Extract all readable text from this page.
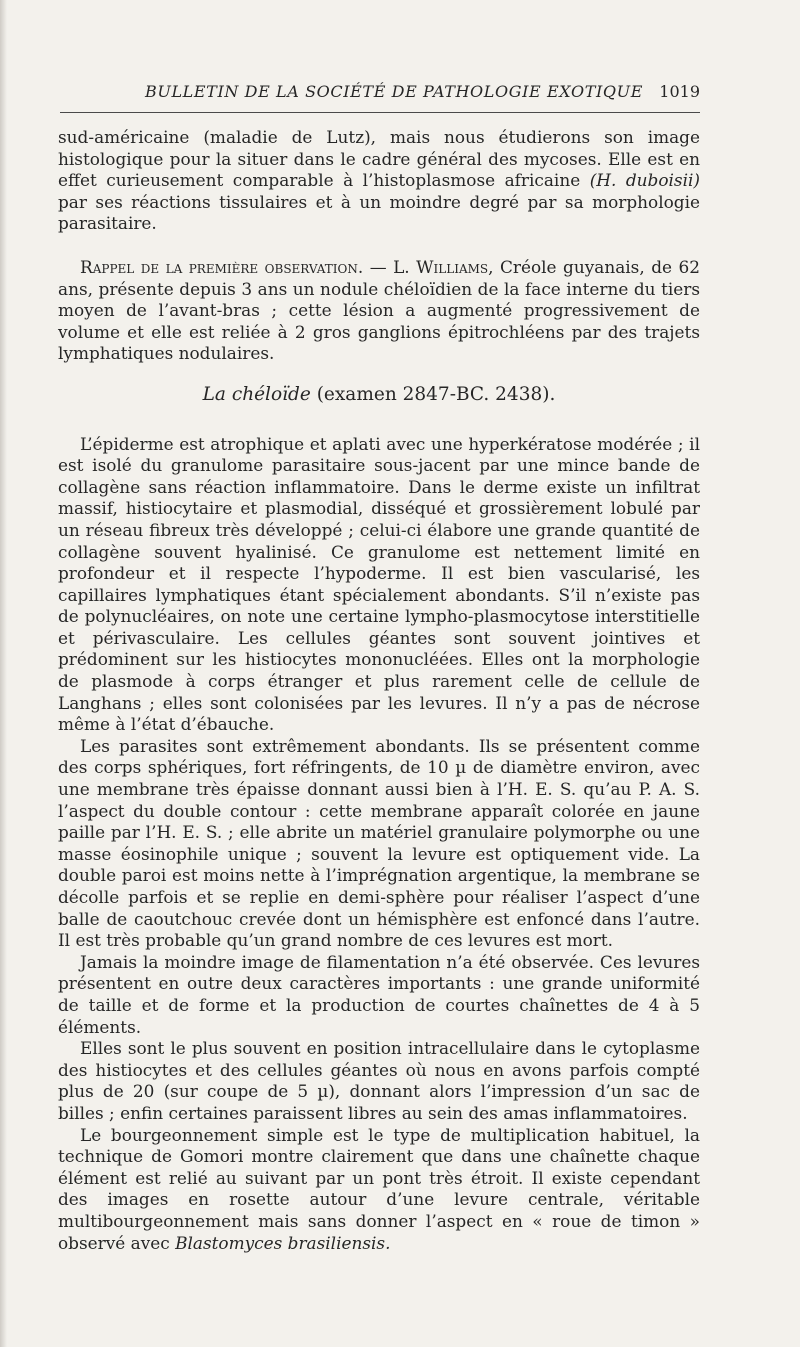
BULLETIN DE LA SOCIÉTÉ DE PATHOLOGIE EXOTIQUE 1019

sud-américaine (maladie de Lutz), mais nous étudierons son image histologique pour la situer dans le cadre général des mycoses. Elle est en effet curieusement comparable à l’histoplasmose africaine (H. duboisii) par ses réactions tissulaires et à un moindre degré par sa morphologie parasitaire.

Rappel de la première observation. — L. Williams, Créole guyanais, de 62 ans, présente depuis 3 ans un nodule chéloïdien de la face interne du tiers moyen de l’avant-bras ; cette lésion a augmenté progressivement de volume et elle est reliée à 2 gros ganglions épitrochléens par des trajets lymphatiques nodulaires.

La chéloïde (examen 2847-BC. 2438).

L’épiderme est atrophique et aplati avec une hyperkératose modérée ; il est isolé du granulome parasitaire sous-jacent par une mince bande de collagène sans réaction inflammatoire. Dans le derme existe un infiltrat massif, histiocytaire et plasmodial, disséqué et grossièrement lobulé par un réseau fibreux très développé ; celui-ci élabore une grande quantité de collagène souvent hyalinisé. Ce granulome est nettement limité en profondeur et il respecte l’hypoderme. Il est bien vascularisé, les capillaires lymphatiques étant spécialement abondants. S’il n’existe pas de polynucléaires, on note une certaine lympho-plasmocytose interstitielle et périvasculaire. Les cellules géantes sont souvent jointives et prédominent sur les histiocytes mononucléées. Elles ont la morphologie de plasmode à corps étranger et plus rarement celle de cellule de Langhans ; elles sont colonisées par les levures. Il n’y a pas de nécrose même à l’état d’ébauche.

Les parasites sont extrêmement abondants. Ils se présentent comme des corps sphériques, fort réfringents, de 10 µ de diamètre environ, avec une membrane très épaisse donnant aussi bien à l’H. E. S. qu’au P. A. S. l’aspect du double contour : cette membrane apparaît colorée en jaune paille par l’H. E. S. ; elle abrite un matériel granulaire polymorphe ou une masse éosinophile unique ; souvent la levure est optiquement vide. La double paroi est moins nette à l’imprégnation argentique, la membrane se décolle parfois et se replie en demi-sphère pour réaliser l’aspect d’une balle de caoutchouc crevée dont un hémisphère est enfoncé dans l’autre. Il est très probable qu’un grand nombre de ces levures est mort.

Jamais la moindre image de filamentation n’a été observée. Ces levures présentent en outre deux caractères importants : une grande uniformité de taille et de forme et la production de courtes chaînettes de 4 à 5 éléments.

Elles sont le plus souvent en position intracellulaire dans le cytoplasme des histiocytes et des cellules géantes où nous en avons parfois compté plus de 20 (sur coupe de 5 µ), donnant alors l’impression d’un sac de billes ; enfin certaines paraissent libres au sein des amas inflammatoires.

Le bourgeonnement simple est le type de multiplication habituel, la technique de Gomori montre clairement que dans une chaînette chaque élément est relié au suivant par un pont très étroit. Il existe cependant des images en rosette autour d’une levure centrale, véritable multibourgeonnement mais sans donner l’aspect en « roue de timon » observé avec Blastomyces brasiliensis.
